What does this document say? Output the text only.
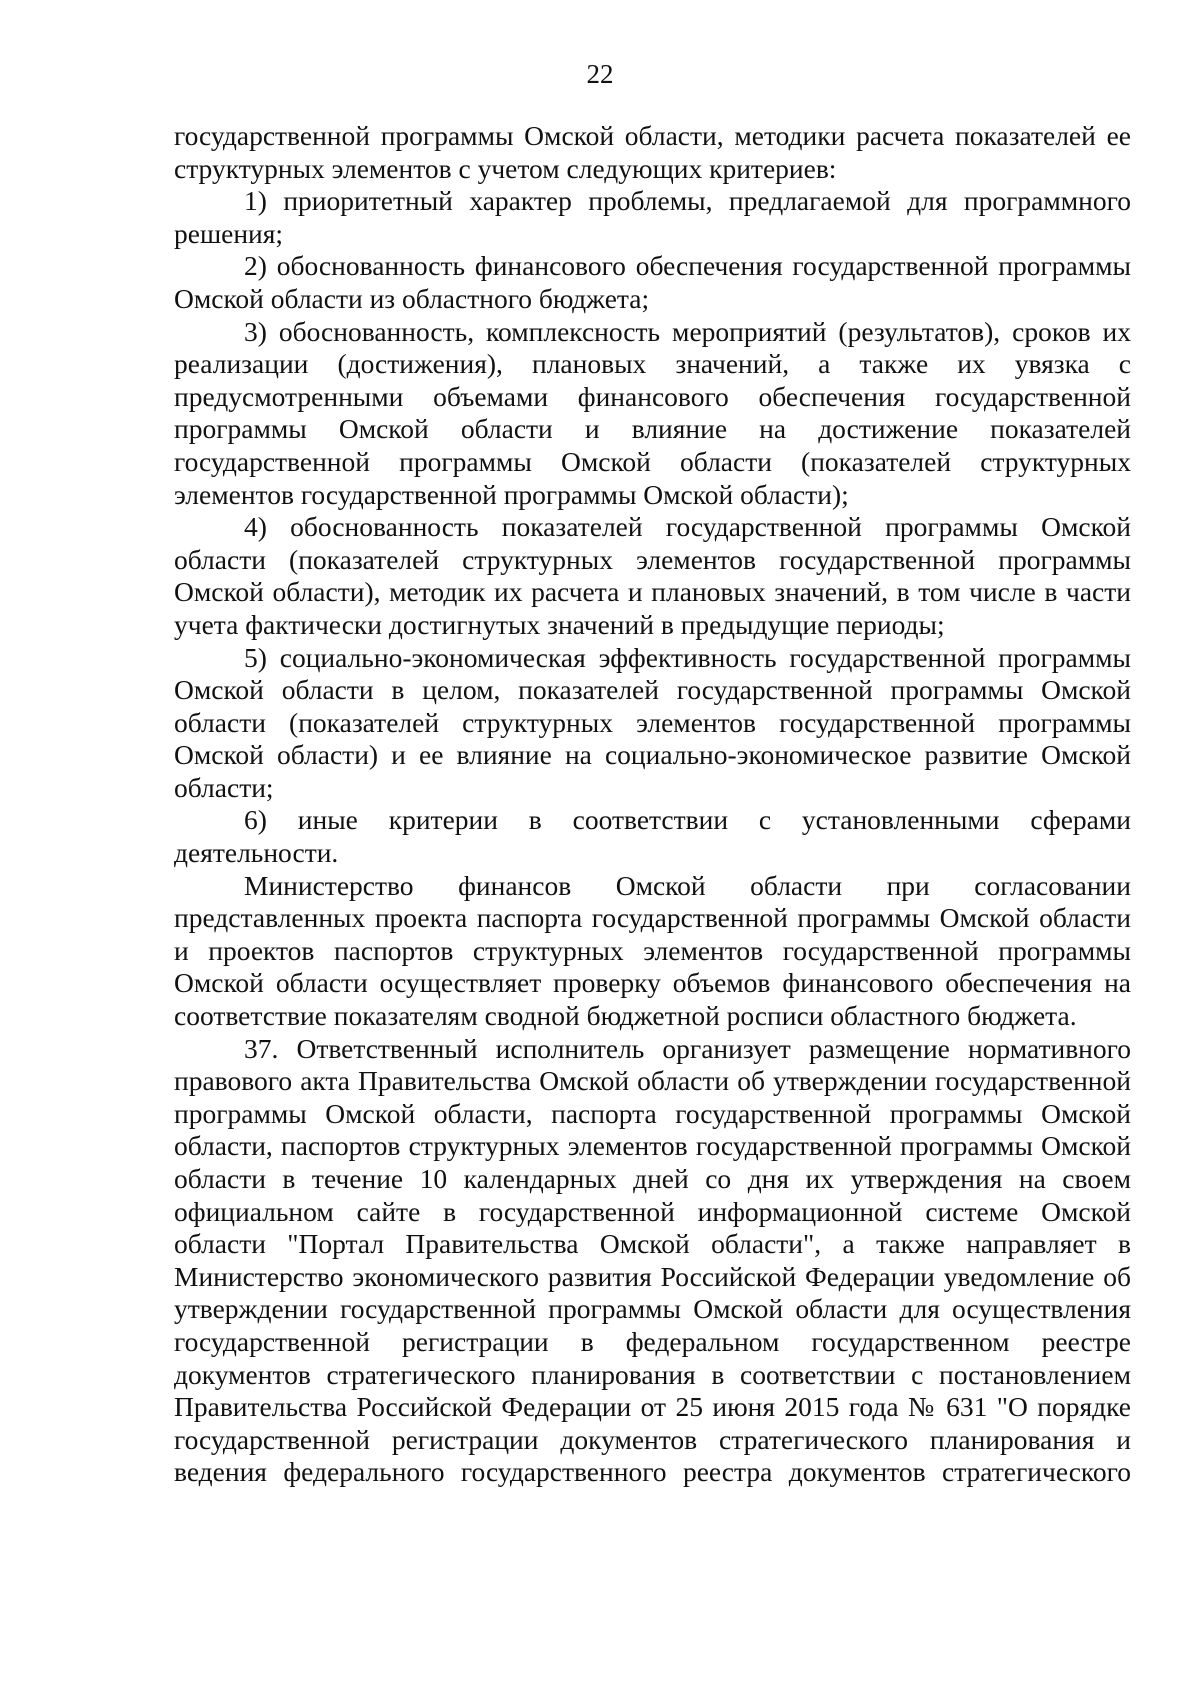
22

государственной программы Омской области, методики расчета показателей ее структурных элементов с учетом следующих критериев:

1) приоритетный характер проблемы, предлагаемой для программного решения;

2) обоснованность финансового обеспечения государственной программы Омской области из областного бюджета;

3) обоснованность, комплексность мероприятий (результатов), сроков их реализации (достижения), плановых значений, а также их увязка с предусмотренными объемами финансового обеспечения государственной программы Омской области и влияние на достижение показателей государственной программы Омской области (показателей структурных элементов государственной программы Омской области);

4) обоснованность показателей государственной программы Омской области (показателей структурных элементов государственной программы Омской области), методик их расчета и плановых значений, в том числе в части учета фактически достигнутых значений в предыдущие периоды;

5) социально-экономическая эффективность государственной программы Омской области в целом, показателей государственной программы Омской области (показателей структурных элементов государственной программы Омской области) и ее влияние на социально-экономическое развитие Омской области;

6) иные критерии в соответствии с установленными сферами деятельности.

Министерство финансов Омской области при согласовании представленных проекта паспорта государственной программы Омской области и проектов паспортов структурных элементов государственной программы Омской области осуществляет проверку объемов финансового обеспечения на соответствие показателям сводной бюджетной росписи областного бюджета.

37. Ответственный исполнитель организует размещение нормативного правового акта Правительства Омской области об утверждении государственной программы Омской области, паспорта государственной программы Омской области, паспортов структурных элементов государственной программы Омской области в течение 10 календарных дней со дня их утверждения на своем официальном сайте в государственной информационной системе Омской области "Портал Правительства Омской области", а также направляет в Министерство экономического развития Российской Федерации уведомление об утверждении государственной программы Омской области для осуществления государственной регистрации в федеральном государственном реестре документов стратегического планирования в соответствии с постановлением Правительства Российской Федерации от 25 июня 2015 года № 631 "О порядке государственной регистрации документов стратегического планирования и ведения федерального государственного реестра документов стратегического
